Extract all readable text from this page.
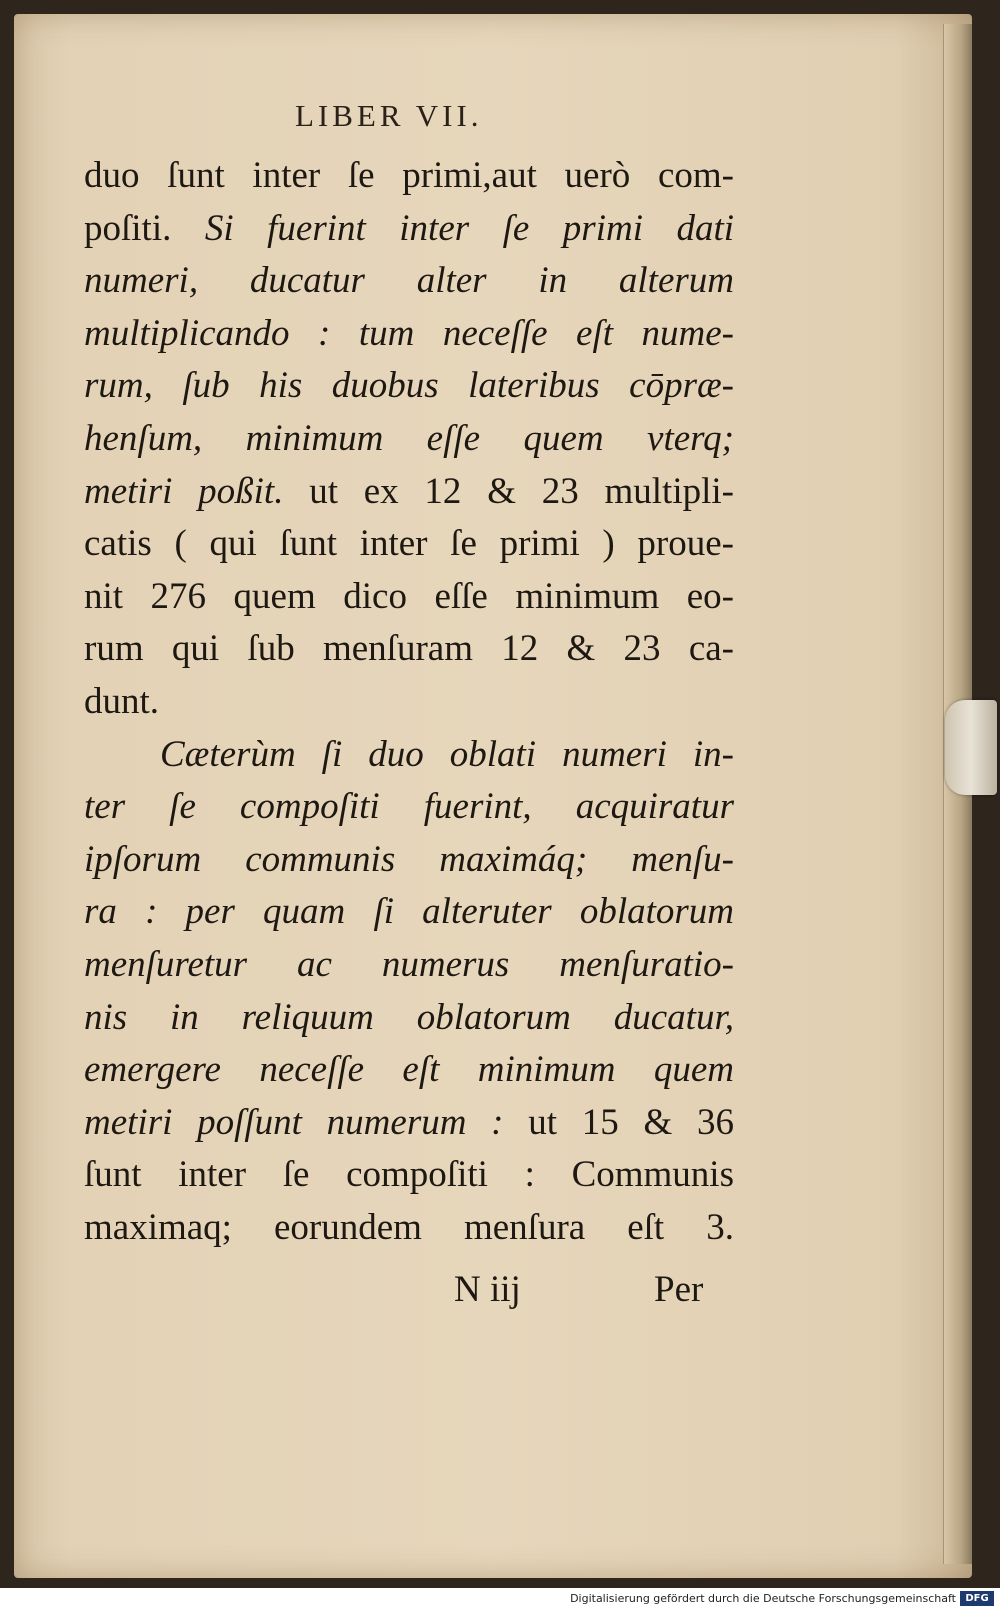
LIBER VII.
duo ſunt inter ſe primi,aut uerò com-
poſiti. Si fuerint inter ſe primi dati
numeri, ducatur alter in alterum
multiplicando : tum neceſſe eſt nume-
rum, ſub his duobus lateribus cōpræ-
henſum, minimum eſſe quem vterq;
metiri poßit. ut ex 12 & 23 multipli-
catis ( qui ſunt inter ſe primi ) proue-
nit 276 quem dico eſſe minimum eo-
rum qui ſub menſuram 12 & 23 ca-
dunt.
Cæterùm ſi duo oblati numeri in-
ter ſe compoſiti fuerint, acquiratur
ipſorum communis maximáq; menſu-
ra : per quam ſi alteruter oblatorum
menſuretur ac numerus menſuratio-
nis in reliquum oblatorum ducatur,
emergere neceſſe eſt minimum quem
metiri poſſunt numerum : ut 15 & 36
ſunt inter ſe compoſiti : Communis
maximaq; eorundem menſura eſt 3.
N iij	Per
Digitalisierung gefördert durch die Deutsche Forschungsgemeinschaft DFG
